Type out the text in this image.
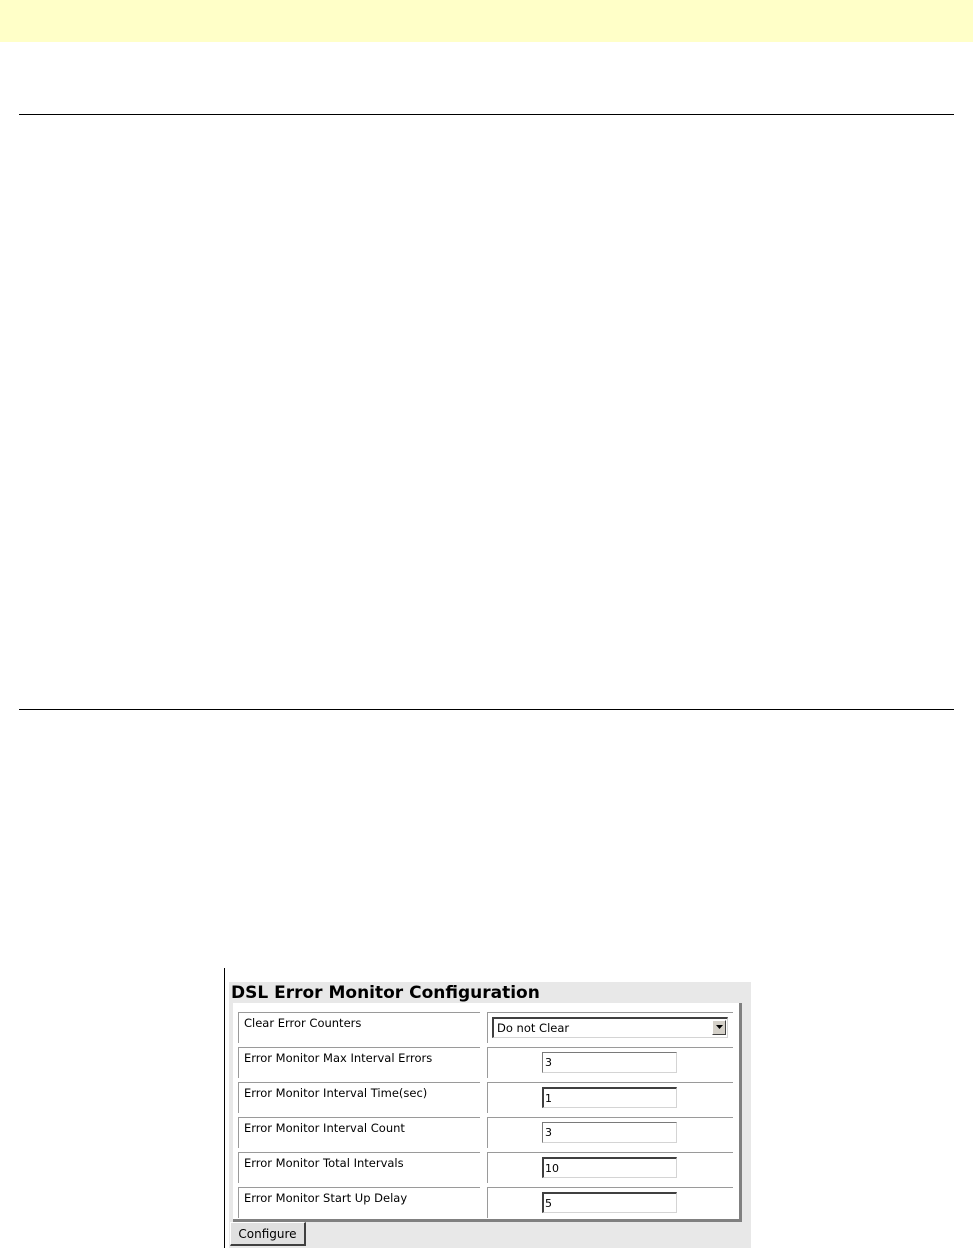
DSL Error Monitor Configuration
Clear Error Counters	Do not Clear
Error Monitor Max Interval Errors	3
Error Monitor Interval Time(sec)	1
Error Monitor Interval Count	3
Error Monitor Total Intervals	10
Error Monitor Start Up Delay	5
Configure
